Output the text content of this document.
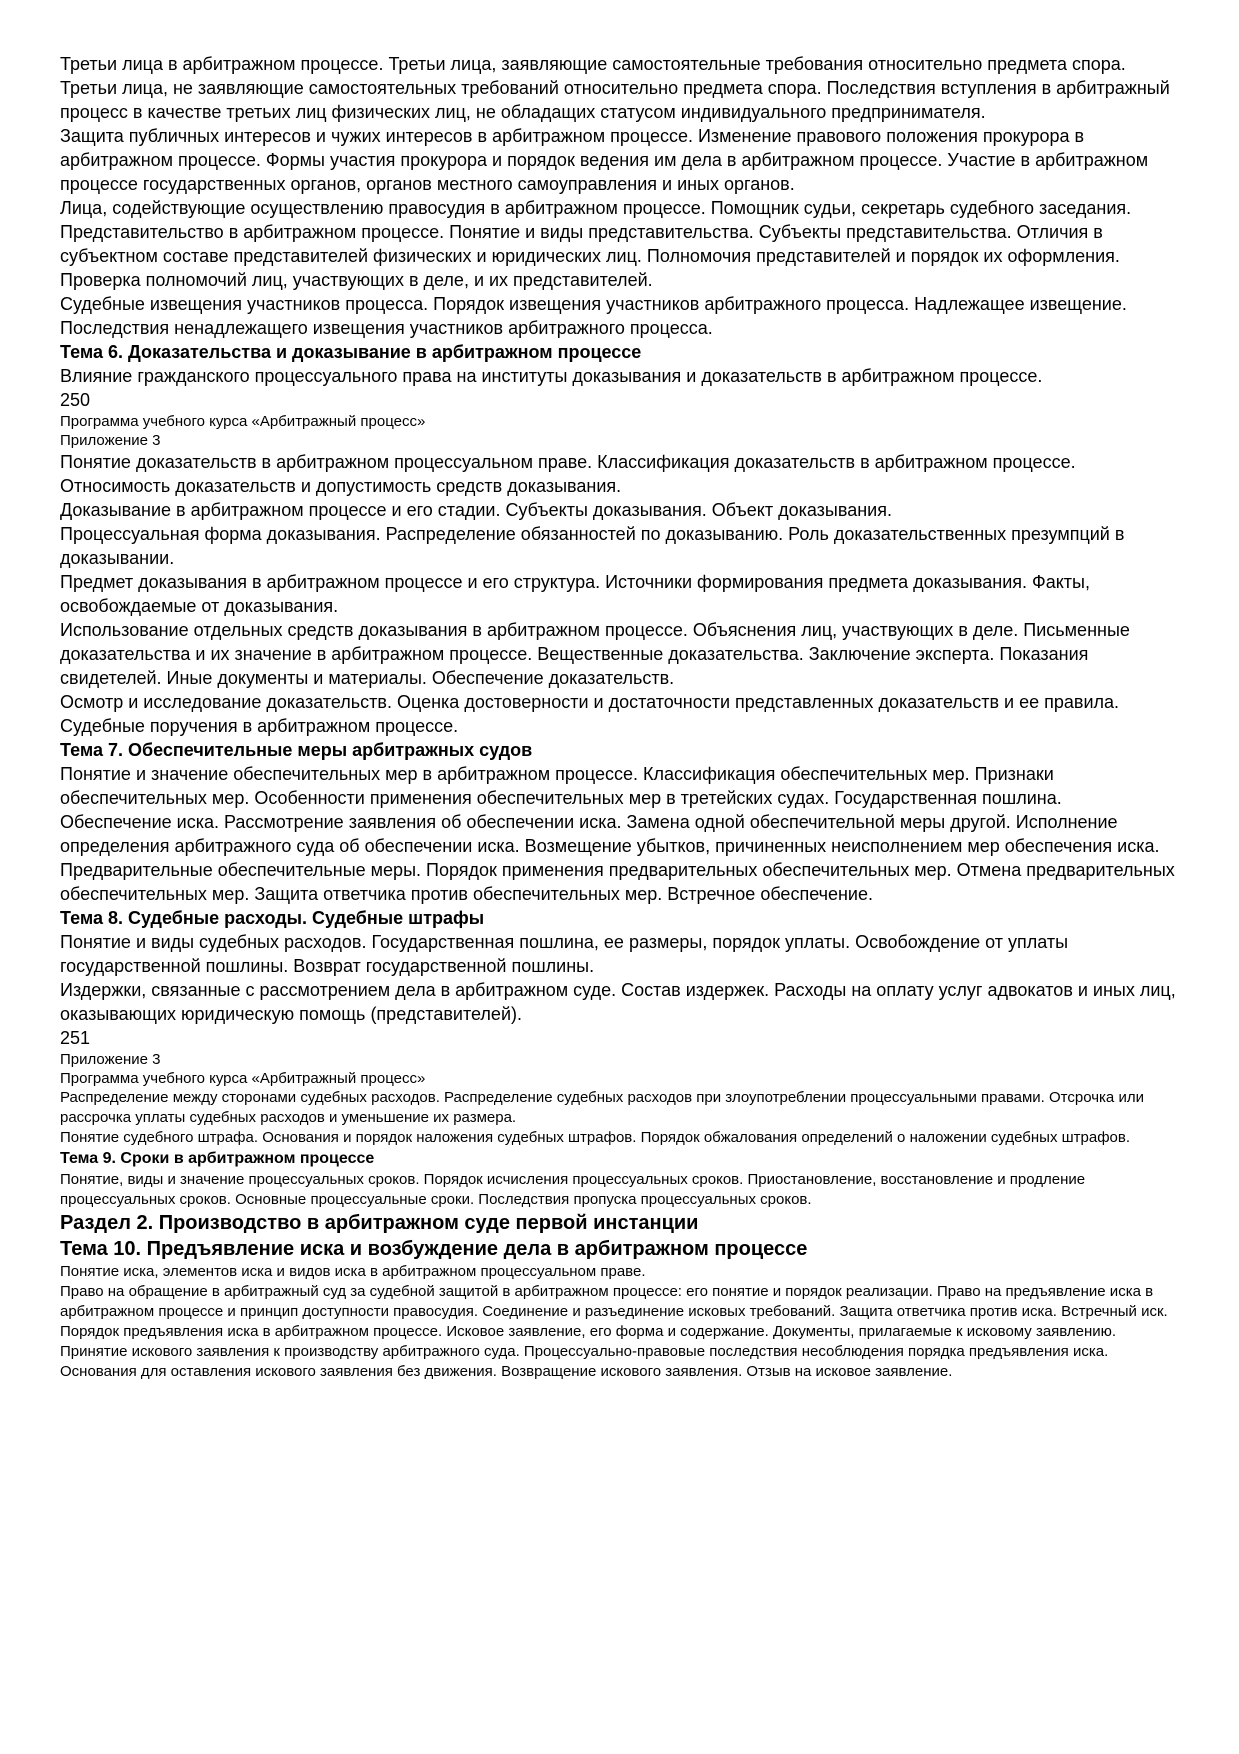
Третьи лица в арбитражном процессе. Третьи лица, заявляющие самостоятельные требования относительно предмета спора. Третьи лица, не заявляющие самостоятельных требований относительно предмета спора. Последствия вступления в арбитражный процесс в качестве третьих лиц физических лиц, не обладащих статусом индивидуального предпринимателя.

Защита публичных интересов и чужих интересов в арбитражном процессе. Изменение правового положения прокурора в арбитражном процессе. Формы участия прокурора и порядок ведения им дела в арбитражном процессе. Участие в арбитражном процессе государственных органов, органов местного самоуправления и иных органов.

Лица, содействующие осуществлению правосудия в арбитражном процессе. Помощник судьи, секретарь судебного заседания.

Представительство в арбитражном процессе. Понятие и виды представительства. Субъекты представительства. Отличия в субъектном составе представителей физических и юридических лиц. Полномочия представителей и порядок их оформления. Проверка полномочий лиц, участвующих в деле, и их представителей.

Судебные извещения участников процесса. Порядок извещения участников арбитражного процесса. Надлежащее извещение. Последствия ненадлежащего извещения участников арбитражного процесса.

Тема 6. Доказательства и доказывание в арбитражном процессе

Влияние гражданского процессуального права на институты доказывания и доказательств в арбитражном процессе.

250

Программа учебного курса «Арбитражный процесс»

Приложение 3

Понятие доказательств в арбитражном процессуальном праве. Классификация доказательств в арбитражном процессе. Относимость доказательств и допустимость средств доказывания.

Доказывание в арбитражном процессе и его стадии. Субъекты доказывания. Объект доказывания.

Процессуальная форма доказывания. Распределение обязанностей по доказыванию. Роль доказательственных презумпций в доказывании.

Предмет доказывания в арбитражном процессе и его структура. Источники формирования предмета доказывания. Факты, освобождаемые от доказывания.

Использование отдельных средств доказывания в арбитражном процессе. Объяснения лиц, участвующих в деле. Письменные доказательства и их значение в арбитражном процессе. Вещественные доказательства. Заключение эксперта. Показания свидетелей. Иные документы и материалы. Обеспечение доказательств.

Осмотр и исследование доказательств. Оценка достоверности и достаточности представленных доказательств и ее правила. Судебные поручения в арбитражном процессе.

Тема 7. Обеспечительные меры арбитражных судов

Понятие и значение обеспечительных мер в арбитражном процессе. Классификация обеспечительных мер. Признаки обеспечительных мер. Особенности применения обеспечительных мер в третейских судах. Государственная пошлина.

Обеспечение иска. Рассмотрение заявления об обеспечении иска. Замена одной обеспечительной меры другой. Исполнение определения арбитражного суда об обеспечении иска. Возмещение убытков, причиненных неисполнением мер обеспечения иска.

Предварительные обеспечительные меры. Порядок применения предварительных обеспечительных мер. Отмена предварительных обеспечительных мер. Защита ответчика против обеспечительных мер. Встречное обеспечение.

Тема 8. Судебные расходы. Судебные штрафы

Понятие и виды судебных расходов. Государственная пошлина, ее размеры, порядок уплаты. Освобождение от уплаты государственной пошлины. Возврат государственной пошлины.

Издержки, связанные с рассмотрением дела в арбитражном суде. Состав издержек. Расходы на оплату услуг адвокатов и иных лиц, оказывающих юридическую помощь (представителей).

251

Приложение 3

Программа учебного курса «Арбитражный процесс»

Распределение между сторонами судебных расходов. Распределение судебных расходов при злоупотреблении процессуальными правами. Отсрочка или рассрочка уплаты судебных расходов и уменьшение их размера.

Понятие судебного штрафа. Основания и порядок наложения судебных штрафов. Порядок обжалования определений о наложении судебных штрафов.

Тема 9. Сроки в арбитражном процессе

Понятие, виды и значение процессуальных сроков. Порядок исчисления процессуальных сроков. Приостановление, восстановление и продление процессуальных сроков. Основные процессуальные сроки. Последствия пропуска процессуальных сроков.

Раздел 2. Производство в арбитражном суде первой инстанции
Тема 10. Предъявление иска и возбуждение дела в арбитражном процессе

Понятие иска, элементов иска и видов иска в арбитражном процессуальном праве.

Право на обращение в арбитражный суд за судебной защитой в арбитражном процессе: его понятие и порядок реализации. Право на предъявление иска в арбитражном процессе и принцип доступности правосудия. Соединение и разъединение исковых требований. Защита ответчика против иска. Встречный иск.

Порядок предъявления иска в арбитражном процессе. Исковое заявление, его форма и содержание. Документы, прилагаемые к исковому заявлению.

Принятие искового заявления к производству арбитражного суда. Процессуально-правовые последствия несоблюдения порядка предъявления иска. Основания для оставления искового заявления без движения. Возвращение искового заявления. Отзыв на исковое заявление.
